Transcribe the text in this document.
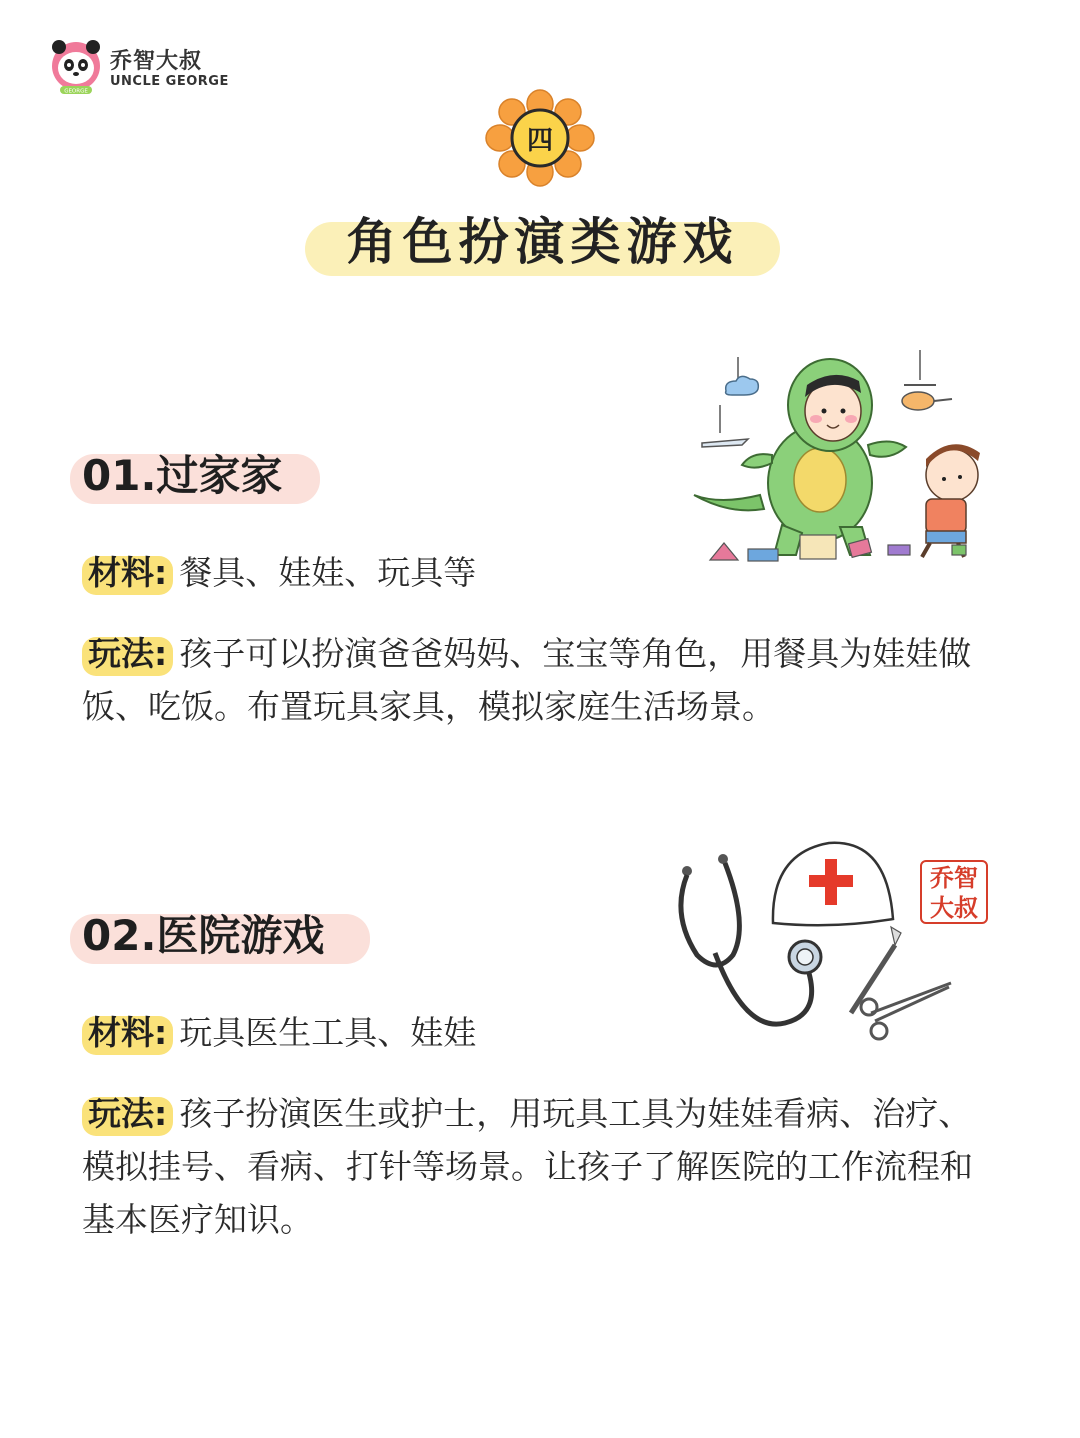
GEORGE
乔智大叔
UNCLE GEORGE
四
角色扮演类游戏
01.过家家
材料: 餐具、娃娃、玩具等
玩法: 孩子可以扮演爸爸妈妈、宝宝等角色，用餐具为娃娃做饭、吃饭。布置玩具家具，模拟家庭生活场景。
乔智大叔
02.医院游戏
材料: 玩具医生工具、娃娃
玩法: 孩子扮演医生或护士，用玩具工具为娃娃看病、治疗、模拟挂号、看病、打针等场景。让孩子了解医院的工作流程和基本医疗知识。
